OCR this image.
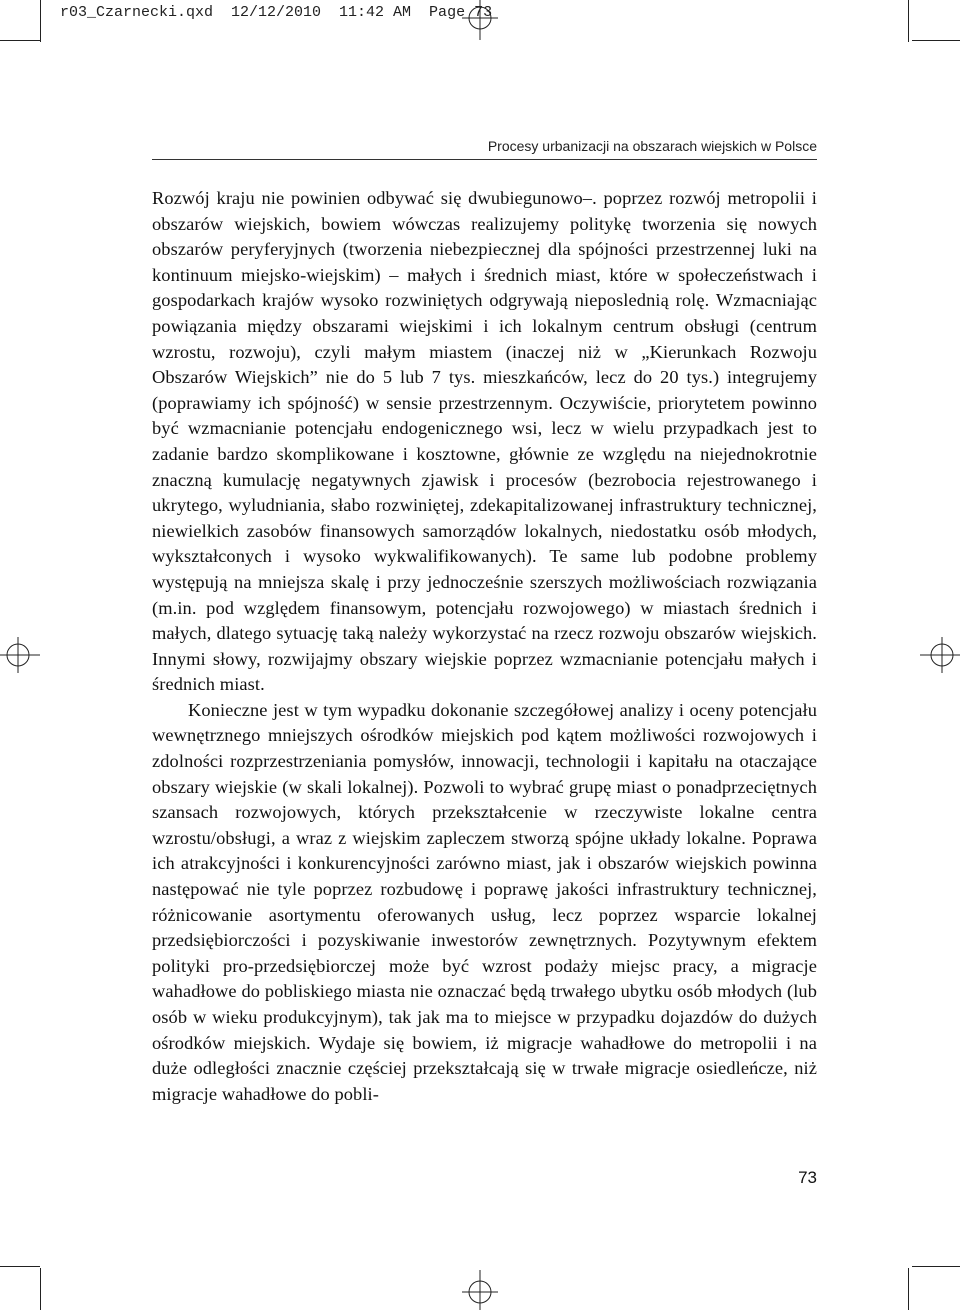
r03_Czarnecki.qxd  12/12/2010  11:42 AM  Page 73
Procesy urbanizacji na obszarach wiejskich w Polsce

Rozwój kraju nie powinien odbywać się dwubiegunowo–. poprzez rozwój metropolii i obszarów wiejskich, bowiem wówczas realizujemy politykę tworzenia się nowych obszarów peryferyjnych (tworzenia niebezpiecznej dla spójności przestrzennej luki na kontinuum miejsko-wiejskim) – małych i średnich miast, które w społeczeństwach i gospodarkach krajów wysoko rozwiniętych odgrywają nieposlednią rolę. Wzmacniając powiązania między obszarami wiejskimi i ich lokalnym centrum obsługi (centrum wzrostu, rozwoju), czyli małym miastem (inaczej niż w „Kierunkach Rozwoju Obszarów Wiejskich” nie do 5 lub 7 tys. mieszkańców, lecz do 20 tys.) integrujemy (poprawiamy ich spójność) w sensie przestrzennym. Oczywiście, priorytetem powinno być wzmacnianie potencjału endogenicznego wsi, lecz w wielu przypadkach jest to zadanie bardzo skomplikowane i kosztowne, głównie ze względu na niejednokrotnie znaczną kumulację negatywnych zjawisk i procesów (bezrobocia rejestrowanego i ukrytego, wyludniania, słabo rozwiniętej, zdekapitalizowanej infrastruktury technicznej, niewielkich zasobów finansowych samorządów lokalnych, niedostatku osób młodych, wykształconych i wysoko wykwalifikowanych). Te same lub podobne problemy występują na mniejsza skalę i przy jednocześnie szerszych możliwościach rozwiązania (m.in. pod względem finansowym, potencjału rozwojowego) w miastach średnich i małych, dlatego sytuację taką należy wykorzystać na rzecz rozwoju obszarów wiejskich. Innymi słowy, rozwijajmy obszary wiejskie poprzez wzmacnianie potencjału małych i średnich miast.

Konieczne jest w tym wypadku dokonanie szczegółowej analizy i oceny potencjału wewnętrznego mniejszych ośrodków miejskich pod kątem możliwości rozwojowych i zdolności rozprzestrzeniania pomysłów, innowacji, technologii i kapitału na otaczające obszary wiejskie (w skali lokalnej). Pozwoli to wybrać grupę miast o ponadprzeciętnych szansach rozwojowych, których przekształcenie w rzeczywiste lokalne centra wzrostu/obsługi, a wraz z wiejskim zapleczem stworzą spójne układy lokalne. Poprawa ich atrakcyjności i konkurencyjności zarówno miast, jak i obszarów wiejskich powinna następować nie tyle poprzez rozbudowę i poprawę jakości infrastruktury technicznej, różnicowanie asortymentu oferowanych usług, lecz poprzez wsparcie lokalnej przedsiębiorczości i pozyskiwanie inwestorów zewnętrznych. Pozytywnym efektem polityki pro-przedsiębiorczej może być wzrost podaży miejsc pracy, a migracje wahadłowe do pobliskiego miasta nie oznaczać będą trwałego ubytku osób młodych (lub osób w wieku produkcyjnym), tak jak ma to miejsce w przypadku dojazdów do dużych ośrodków miejskich. Wydaje się bowiem, iż migracje wahadłowe do metropolii i na duże odległości znacznie częściej przekształcają się w trwałe migracje osiedleńcze, niż migracje wahadłowe do pobli-

73
